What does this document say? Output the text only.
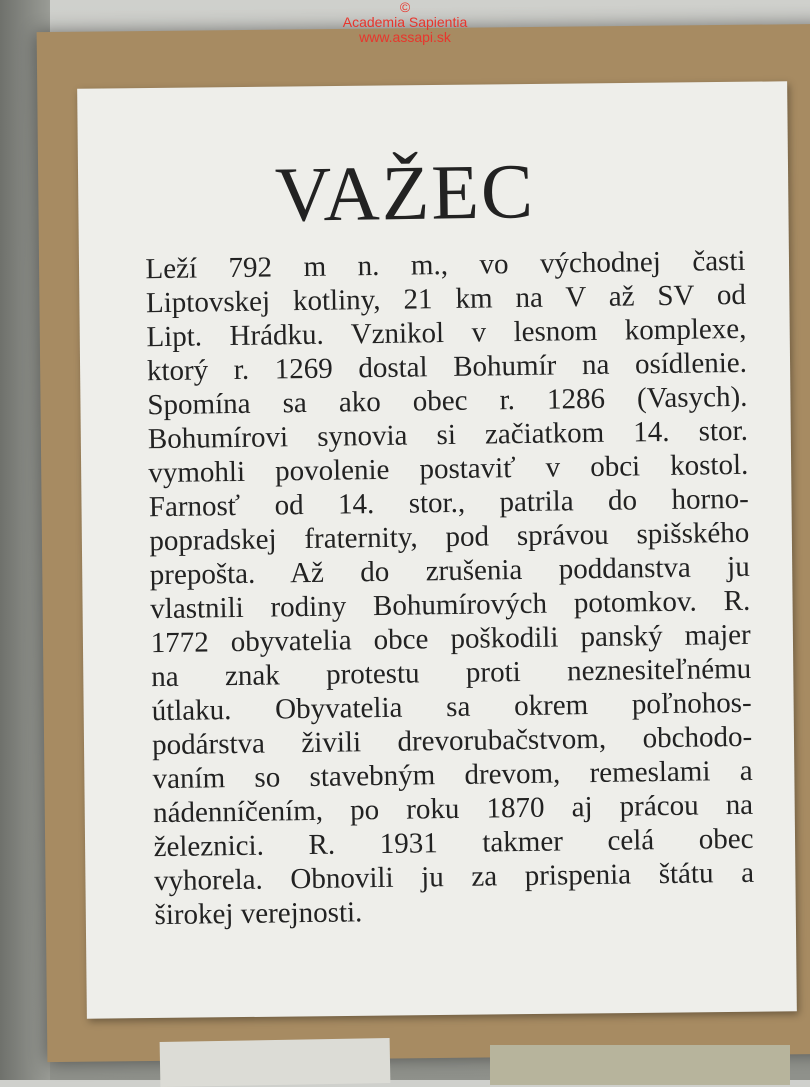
©
Academia Sapientia
www.assapi.sk
VAŽEC
Leží 792 m n. m., vo východnej časti
Liptovskej kotliny, 21 km na V až SV od
Lipt. Hrádku. Vznikol v lesnom komplexe,
ktorý r. 1269 dostal Bohumír na osídlenie.
Spomína sa ako obec r. 1286 (Vasych).
Bohumírovi synovia si začiatkom 14. stor.
vymohli povolenie postaviť v obci kostol.
Farnosť od 14. stor., patrila do horno-
popradskej fraternity, pod správou spišského
prepošta. Až do zrušenia poddanstva ju
vlastnili rodiny Bohumírových potomkov. R.
1772 obyvatelia obce poškodili panský majer
na znak protestu proti neznesiteľnému
útlaku. Obyvatelia sa okrem poľnohos-
podárstva živili drevorubačstvom, obchodo-
vaním so stavebným drevom, remeslami a
nádenníčením, po roku 1870 aj prácou na
železnici. R. 1931 takmer celá obec
vyhorela. Obnovili ju za prispenia štátu a
širokej verejnosti.
